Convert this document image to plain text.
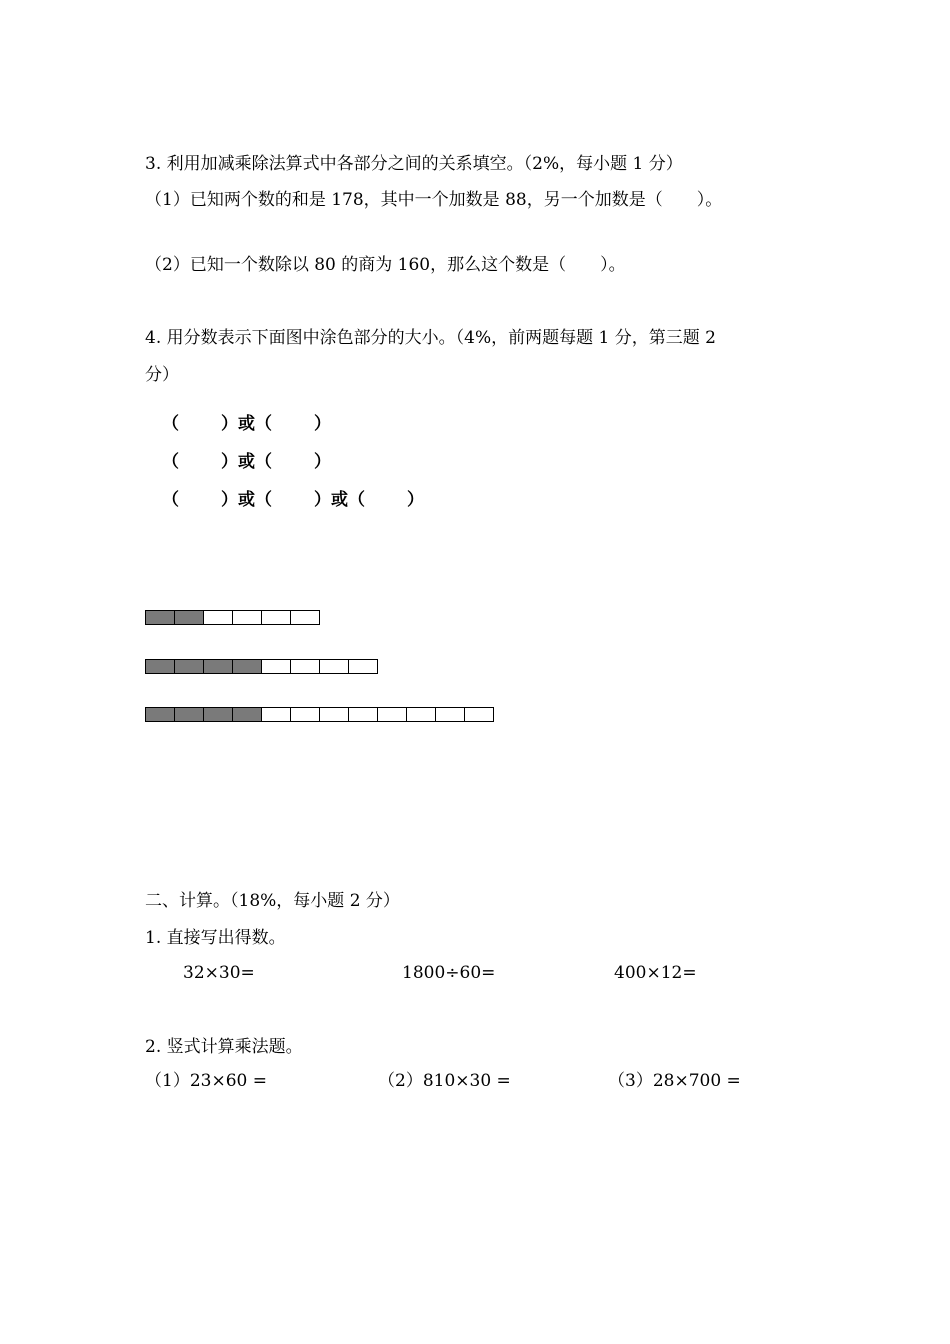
3. 利用加减乘除法算式中各部分之间的关系填空。（2%，每小题 1 分）
（1）已知两个数的和是 178，其中一个加数是 88，另一个加数是（　　）。
（2）已知一个数除以 80 的商为 160，那么这个数是（　　）。
4. 用分数表示下面图中涂色部分的大小。（4%，前两题每题 1 分，第三题 2
分）
（ ）或（ ）
（ ）或（ ）
（ ）或（ ）或（ ）
二、计算。（18%，每小题 2 分）
1. 直接写出得数。
32×30=	1800÷60=	400×12=
2. 竖式计算乘法题。
（1）23×60 =	（2）810×30 =	（3）28×700 =
